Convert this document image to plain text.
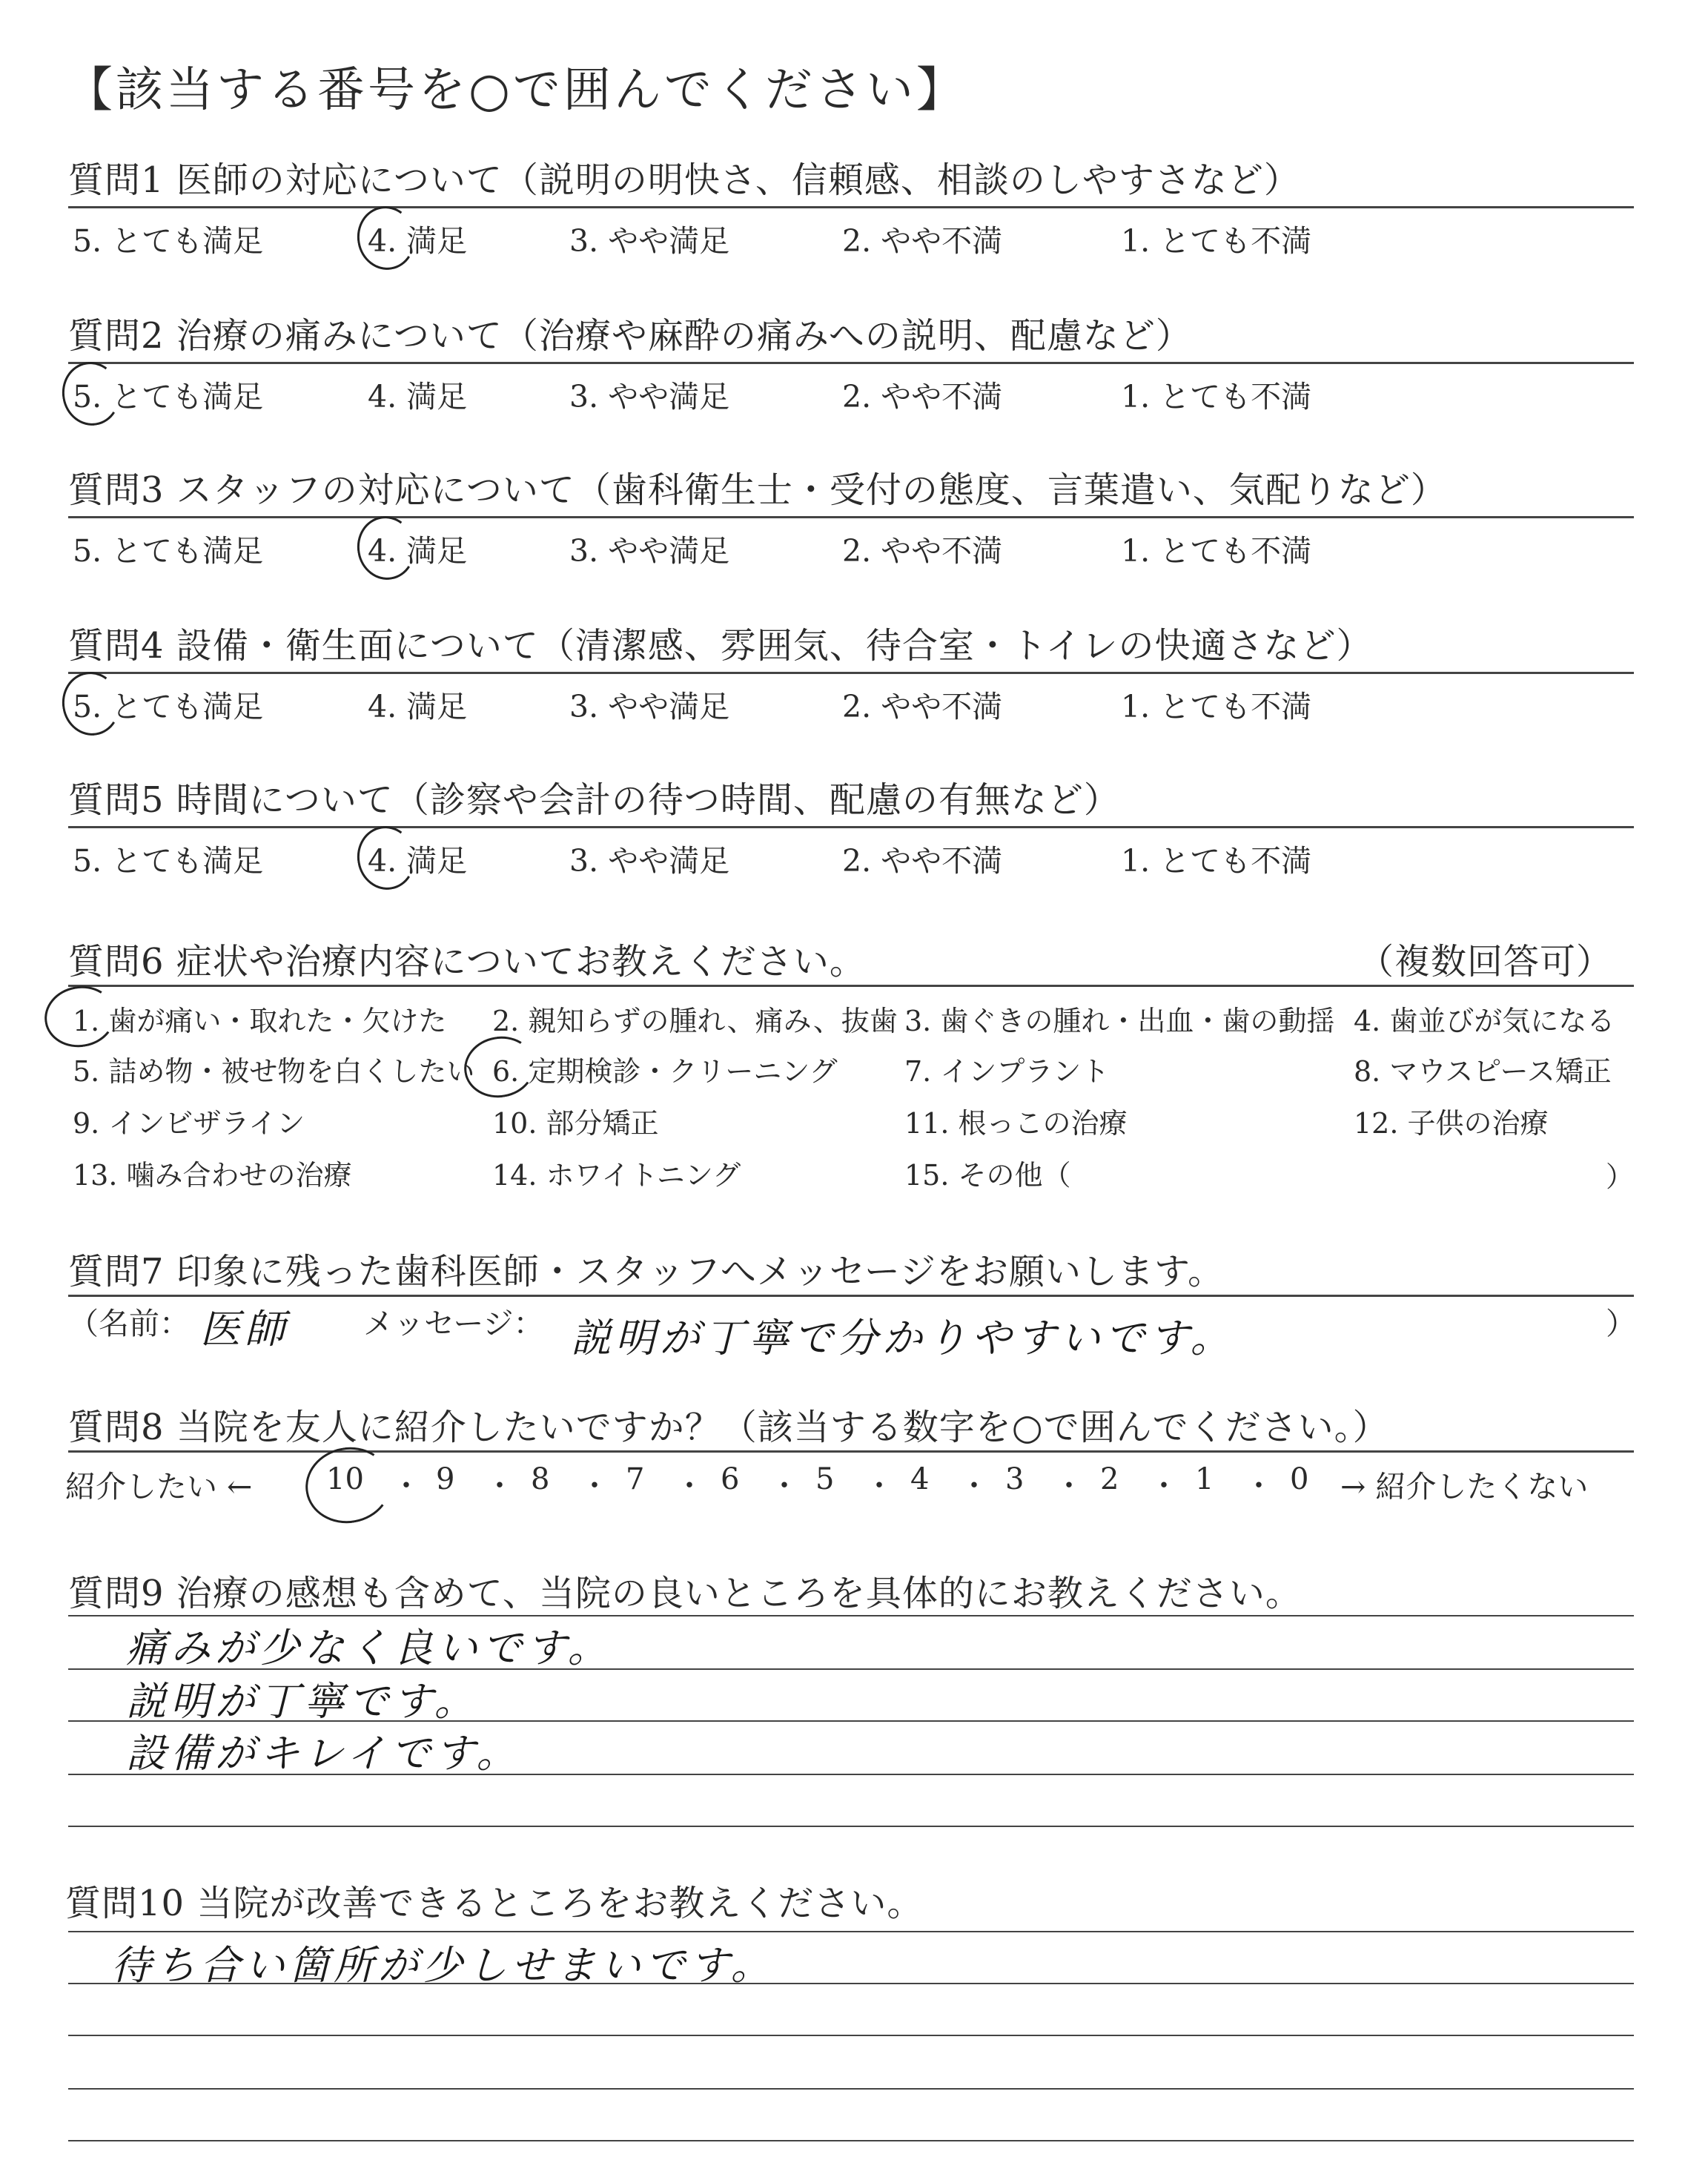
【該当する番号を○で囲んでください】
質問1 医師の対応について（説明の明快さ、信頼感、相談のしやすさなど）
5. とても満足	4. 満足	3. やや満足	2. やや不満	1. とても不満
質問2 治療の痛みについて（治療や麻酔の痛みへの説明、配慮など）
5. とても満足	4. 満足	3. やや満足	2. やや不満	1. とても不満
質問3 スタッフの対応について（歯科衛生士・受付の態度、言葉遣い、気配りなど）
5. とても満足	4. 満足	3. やや満足	2. やや不満	1. とても不満
質問4 設備・衛生面について（清潔感、雰囲気、待合室・トイレの快適さなど）
5. とても満足	4. 満足	3. やや満足	2. やや不満	1. とても不満
質問5 時間について（診察や会計の待つ時間、配慮の有無など）
5. とても満足	4. 満足	3. やや満足	2. やや不満	1. とても不満
質問6 症状や治療内容についてお教えください。	（複数回答可）
1. 歯が痛い・取れた・欠けた 2. 親知らずの腫れ、痛み、抜歯 3. 歯ぐきの腫れ・出血・歯の動揺 4. 歯並びが気になる
5. 詰め物・被せ物を白くしたい 6. 定期検診・クリーニング 7. インプラント	8. マウスピース矯正
9. インビザライン	10. 部分矯正	11. 根っこの治療	12. 子供の治療
13. 噛み合わせの治療	14. ホワイトニング	15. その他（	）
質問7 印象に残った歯科医師・スタッフへメッセージをお願いします。
（名前： 医師 メッセージ： 説明が丁寧で分かりやすいです。	）
質問8 当院を友人に紹介したいですか？（該当する数字を○で囲んでください。）
紹介したい ← 10 ・ 9 ・ 8 ・ 7 ・ 6 ・ 5 ・ 4 ・ 3 ・ 2 ・ 1 ・ 0 → 紹介したくない
質問9 治療の感想も含めて、当院の良いところを具体的にお教えください。
痛みが少なく良いです。
説明が丁寧です。
設備がキレイです。
質問10 当院が改善できるところをお教えください。
待ち合い箇所が少しせまいです。
